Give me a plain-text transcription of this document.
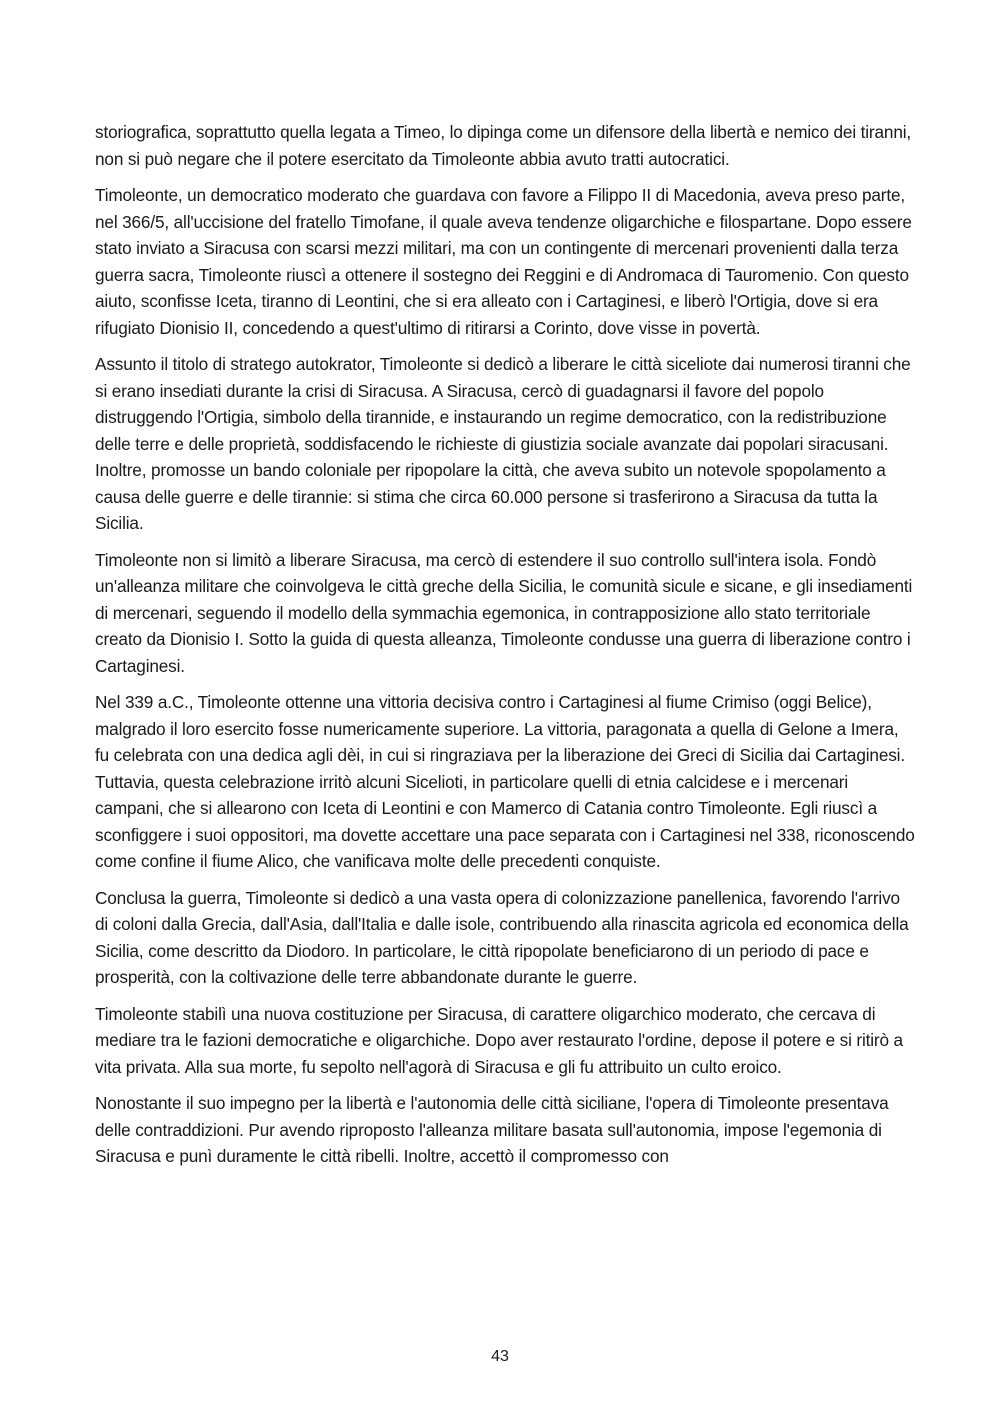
storiografica, soprattutto quella legata a Timeo, lo dipinga come un difensore della libertà e nemico dei tiranni, non si può negare che il potere esercitato da Timoleonte abbia avuto tratti autocratici.

Timoleonte, un democratico moderato che guardava con favore a Filippo II di Macedonia, aveva preso parte, nel 366/5, all'uccisione del fratello Timofane, il quale aveva tendenze oligarchiche e filospartane. Dopo essere stato inviato a Siracusa con scarsi mezzi militari, ma con un contingente di mercenari provenienti dalla terza guerra sacra, Timoleonte riuscì a ottenere il sostegno dei Reggini e di Andromaca di Tauromenio. Con questo aiuto, sconfisse Iceta, tiranno di Leontini, che si era alleato con i Cartaginesi, e liberò l'Ortigia, dove si era rifugiato Dionisio II, concedendo a quest'ultimo di ritirarsi a Corinto, dove visse in povertà.

Assunto il titolo di stratego autokrator, Timoleonte si dedicò a liberare le città siceliote dai numerosi tiranni che si erano insediati durante la crisi di Siracusa. A Siracusa, cercò di guadagnarsi il favore del popolo distruggendo l'Ortigia, simbolo della tirannide, e instaurando un regime democratico, con la redistribuzione delle terre e delle proprietà, soddisfacendo le richieste di giustizia sociale avanzate dai popolari siracusani. Inoltre, promosse un bando coloniale per ripopolare la città, che aveva subito un notevole spopolamento a causa delle guerre e delle tirannie: si stima che circa 60.000 persone si trasferirono a Siracusa da tutta la Sicilia.

Timoleonte non si limitò a liberare Siracusa, ma cercò di estendere il suo controllo sull'intera isola. Fondò un'alleanza militare che coinvolgeva le città greche della Sicilia, le comunità sicule e sicane, e gli insediamenti di mercenari, seguendo il modello della symmachia egemonica, in contrapposizione allo stato territoriale creato da Dionisio I. Sotto la guida di questa alleanza, Timoleonte condusse una guerra di liberazione contro i Cartaginesi.

Nel 339 a.C., Timoleonte ottenne una vittoria decisiva contro i Cartaginesi al fiume Crimiso (oggi Belice), malgrado il loro esercito fosse numericamente superiore. La vittoria, paragonata a quella di Gelone a Imera, fu celebrata con una dedica agli dèi, in cui si ringraziava per la liberazione dei Greci di Sicilia dai Cartaginesi. Tuttavia, questa celebrazione irritò alcuni Sicelioti, in particolare quelli di etnia calcidese e i mercenari campani, che si allearono con Iceta di Leontini e con Mamerco di Catania contro Timoleonte. Egli riuscì a sconfiggere i suoi oppositori, ma dovette accettare una pace separata con i Cartaginesi nel 338, riconoscendo come confine il fiume Alico, che vanificava molte delle precedenti conquiste.

Conclusa la guerra, Timoleonte si dedicò a una vasta opera di colonizzazione panellenica, favorendo l'arrivo di coloni dalla Grecia, dall'Asia, dall'Italia e dalle isole, contribuendo alla rinascita agricola ed economica della Sicilia, come descritto da Diodoro. In particolare, le città ripopolate beneficiarono di un periodo di pace e prosperità, con la coltivazione delle terre abbandonate durante le guerre.

Timoleonte stabilì una nuova costituzione per Siracusa, di carattere oligarchico moderato, che cercava di mediare tra le fazioni democratiche e oligarchiche. Dopo aver restaurato l'ordine, depose il potere e si ritirò a vita privata. Alla sua morte, fu sepolto nell'agorà di Siracusa e gli fu attribuito un culto eroico.

Nonostante il suo impegno per la libertà e l'autonomia delle città siciliane, l'opera di Timoleonte presentava delle contraddizioni. Pur avendo riproposto l'alleanza militare basata sull'autonomia, impose l'egemonia di Siracusa e punì duramente le città ribelli. Inoltre, accettò il compromesso con

43
